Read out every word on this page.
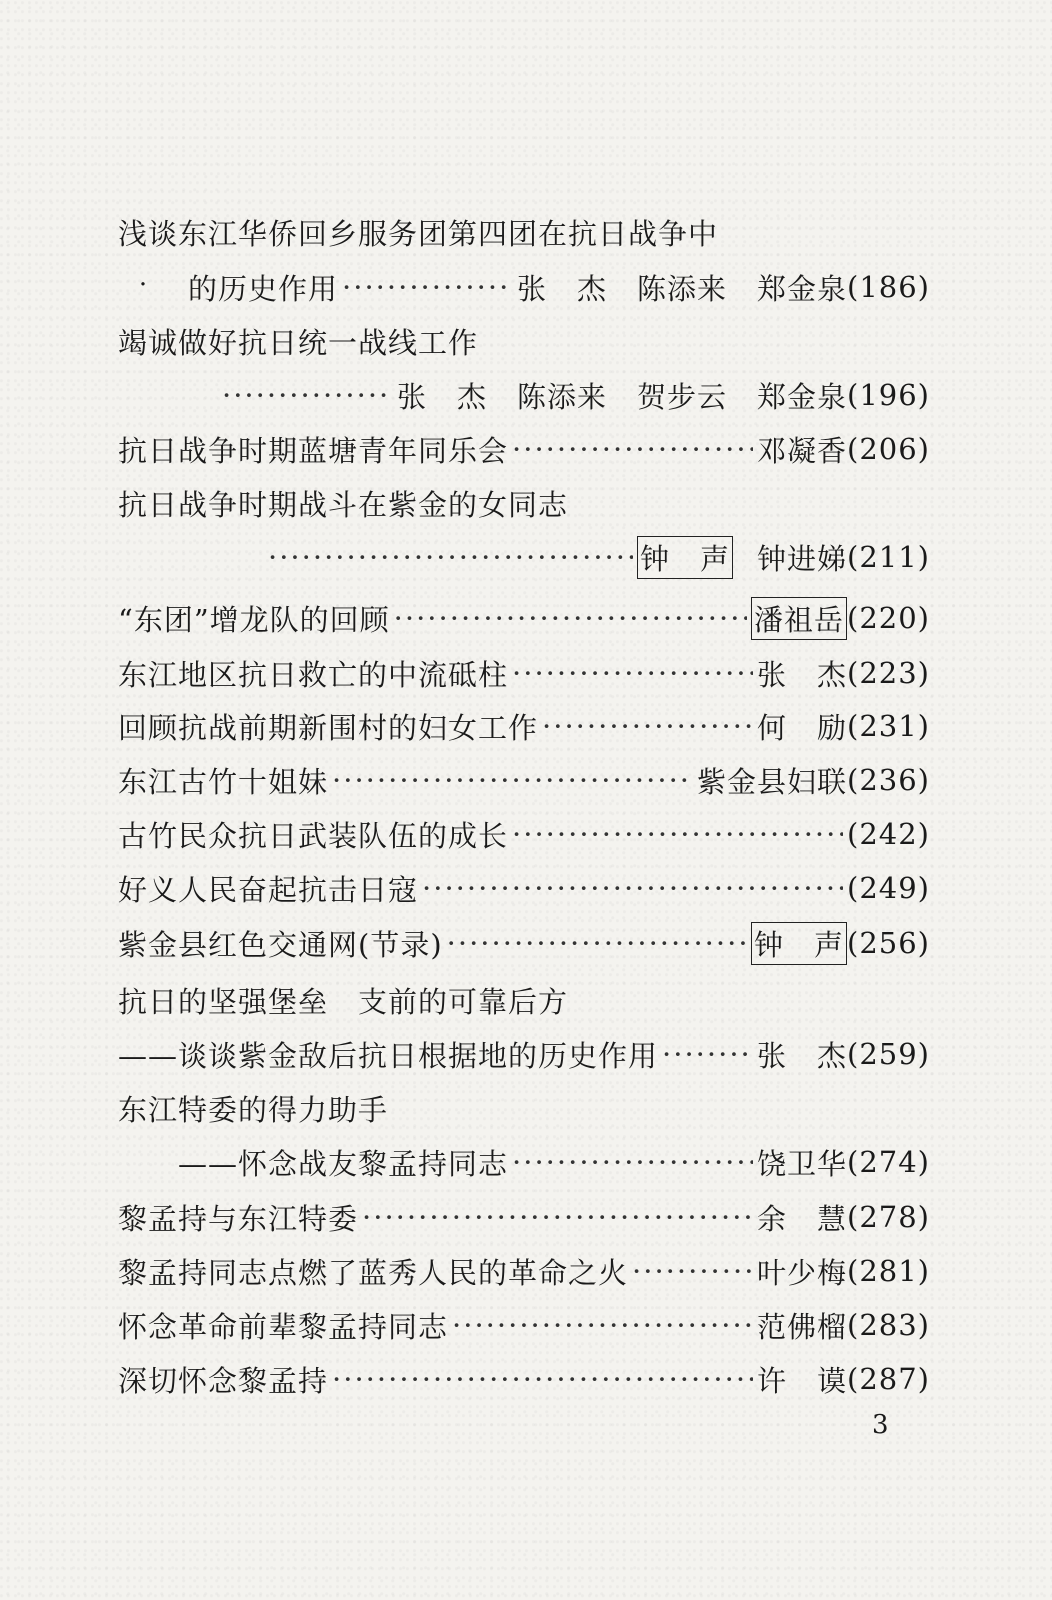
浅谈东江华侨回乡服务团第四团在抗日战争中
· 的历史作用 ·····	张　杰　陈添来　郑金泉 (186)
竭诚做好抗日统一战线工作
·····
张　杰　陈添来　贺步云　郑金泉 (196)
抗日战争时期蓝塘青年同乐会 ·····	邓凝香 (206)
抗日战争时期战斗在紫金的女同志
·····
钟　声 钟进娣 (211)
“东团”增龙队的回顾 ·····	潘祖岳 (220)
东江地区抗日救亡的中流砥柱 ·····	张　杰 (223)
回顾抗战前期新围村的妇女工作 ·····	何　励 (231)
东江古竹十姐妹 ·····	紫金县妇联 (236)
古竹民众抗日武装队伍的成长 ·····	(242)
好义人民奋起抗击日寇 ·····	(249)
紫金县红色交通网(节录) ·····	钟　声 (256)
抗日的坚强堡垒　支前的可靠后方
——谈谈紫金敌后抗日根据地的历史作用 ·····	张　杰 (259)
东江特委的得力助手
——怀念战友黎孟持同志 ·····	饶卫华 (274)
黎孟持与东江特委 ·····	余　慧 (278)
黎孟持同志点燃了蓝秀人民的革命之火 ·····	叶少梅 (281)
怀念革命前辈黎孟持同志 ·····	范佛榴 (283)
深切怀念黎孟持 ·····	许　谟 (287)
3
